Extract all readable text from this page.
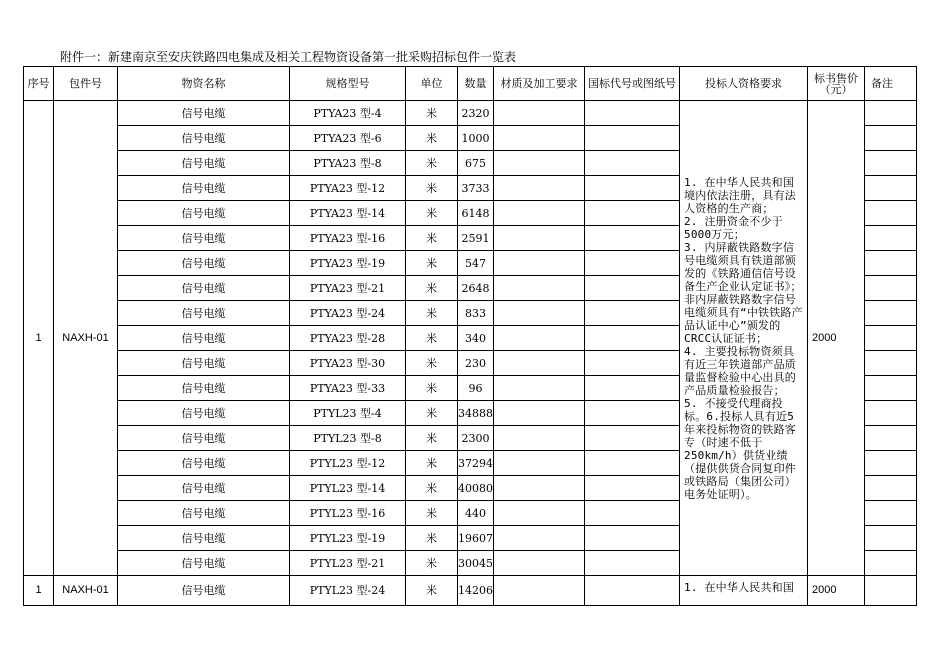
附件一：新建南京至安庆铁路四电集成及相关工程物资设备第一批采购招标包件一览表
序号	包件号	物资名称	规格型号	单位	数量	材质及加工要求	国标代号或图纸号	投标人资格要求	标书售价（元）	备注
1	NAXH-01	信号电缆	PTYA23 型-4	米	2320			1. 在中华人民共和国境内依法注册，具有法人资格的生产商；
2. 注册资金不少于5000万元；
3. 内屏蔽铁路数字信号电缆须具有铁道部颁发的《铁路通信信号设备生产企业认定证书》；非内屏蔽铁路数字信号电缆须具有“中铁铁路产品认证中心”颁发的CRCC认证证书；
4. 主要投标物资须具有近三年铁道部产品质量监督检验中心出具的产品质量检验报告；
5. 不接受代理商投标。6.投标人具有近5年来投标物资的铁路客专（时速不低于250km/h）供货业绩（提供供货合同复印件或铁路局（集团公司）电务处证明）。	2000	
		信号电缆	PTYA23 型-6	米	1000					
		信号电缆	PTYA23 型-8	米	675					
		信号电缆	PTYA23 型-12	米	3733					
		信号电缆	PTYA23 型-14	米	6148					
		信号电缆	PTYA23 型-16	米	2591					
		信号电缆	PTYA23 型-19	米	547					
		信号电缆	PTYA23 型-21	米	2648					
		信号电缆	PTYA23 型-24	米	833					
		信号电缆	PTYA23 型-28	米	340					
		信号电缆	PTYA23 型-30	米	230					
		信号电缆	PTYA23 型-33	米	96					
		信号电缆	PTYL23 型-4	米	34888					
		信号电缆	PTYL23 型-8	米	2300					
		信号电缆	PTYL23 型-12	米	37294					
		信号电缆	PTYL23 型-14	米	40080					
		信号电缆	PTYL23 型-16	米	440					
		信号电缆	PTYL23 型-19	米	19607					
		信号电缆	PTYL23 型-21	米	30045					
1	NAXH-01	信号电缆	PTYL23 型-24	米	14206			1. 在中华人民共和国	2000	
